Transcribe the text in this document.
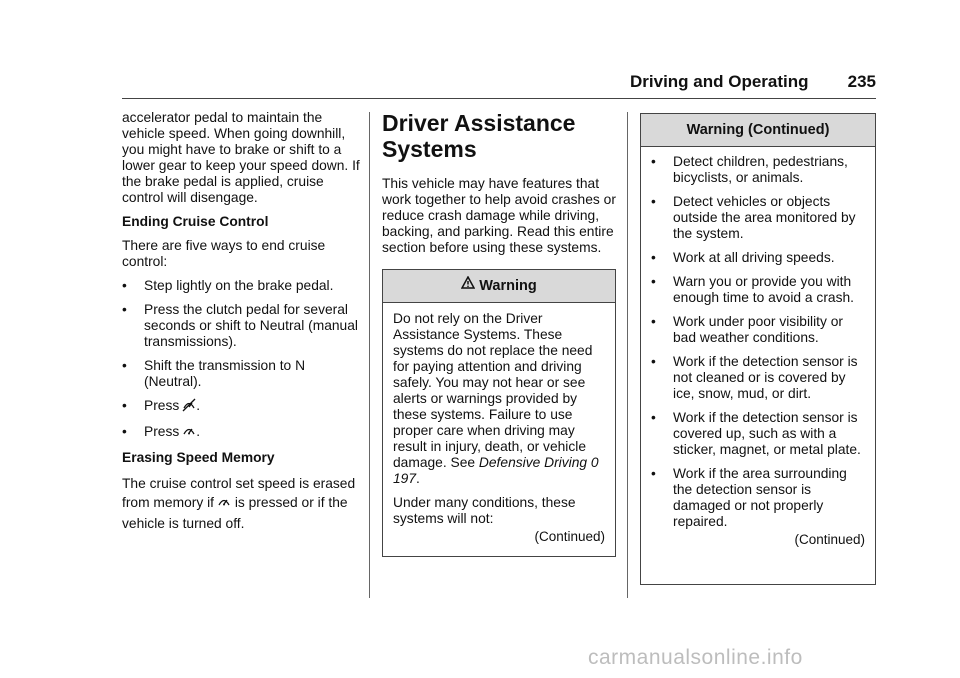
Driving and Operating 235

accelerator pedal to maintain the vehicle speed. When going downhill, you might have to brake or shift to a lower gear to keep your speed down. If the brake pedal is applied, cruise control will disengage.

Ending Cruise Control

There are five ways to end cruise control:

• Step lightly on the brake pedal.
• Press the clutch pedal for several seconds or shift to Neutral (manual transmissions).
• Shift the transmission to N (Neutral).
• Press .
• Press .

Erasing Speed Memory

The cruise control set speed is erased from memory if is pressed or if the vehicle is turned off.

Driver Assistance Systems

This vehicle may have features that work together to help avoid crashes or reduce crash damage while driving, backing, and parking. Read this entire section before using these systems.

Warning

Do not rely on the Driver Assistance Systems. These systems do not replace the need for paying attention and driving safely. You may not hear or see alerts or warnings provided by these systems. Failure to use proper care when driving may result in injury, death, or vehicle damage. See Defensive Driving 0 197.

Under many conditions, these systems will not:

(Continued)
Warning (Continued)
• Detect children, pedestrians, bicyclists, or animals.
• Detect vehicles or objects outside the area monitored by the system.
• Work at all driving speeds.
• Warn you or provide you with enough time to avoid a crash.
• Work under poor visibility or bad weather conditions.
• Work if the detection sensor is not cleaned or is covered by ice, snow, mud, or dirt.
• Work if the detection sensor is covered up, such as with a sticker, magnet, or metal plate.
• Work if the area surrounding the detection sensor is damaged or not properly repaired.
(Continued)
carmanualsonline.info
